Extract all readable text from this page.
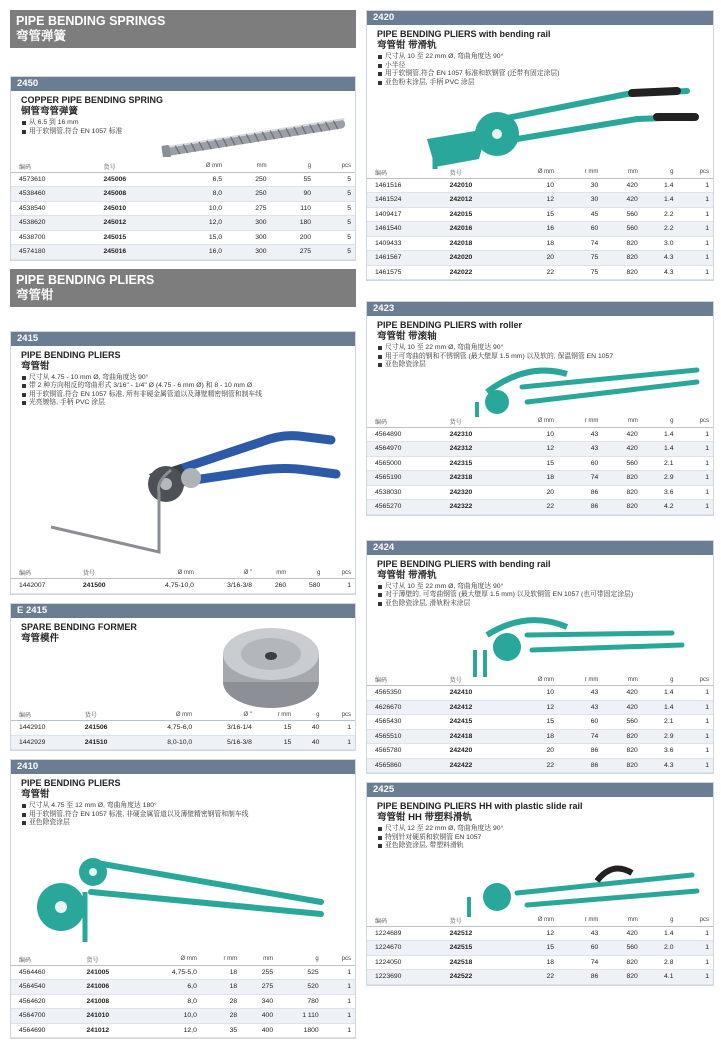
PIPE BENDING SPRINGS
弯管弹簧
2450
COPPER PIPE BENDING SPRING
铜管弯管弹簧
从 6.5 到 16 mm
用于软铜管,符合 EN 1057 标准
编码	货号	Ø mm	mm	g	pcs
4573610	245006	6,5	250	55	5
4538460	245008	8,0	250	90	5
4538540	245010	10,0	275	110	5
4538620	245012	12,0	300	180	5
4538700	245015	15,0	300	200	5
4574180	245016	16,0	300	275	5
PIPE BENDING PLIERS
弯管钳
2415
PIPE BENDING PLIERS
弯管钳
尺寸从 4.75 - 10 mm Ø, 弯曲角度达 90°
带 2 种方向相反的弯曲形式 3/16" - 1/4" Ø (4.75 - 6 mm Ø) 和 8 - 10 mm Ø
用于软铜管,符合 EN 1057 标准, 所有非硬金属管道以及薄壁精密钢管和制车线
光亮镀铬, 手柄 PVC 涂层
编码	货号	Ø mm	Ø "	mm	g	pcs
1442007	241500	4,75-10,0	3/16-3/8	260	580	1
E 2415
SPARE BENDING FORMER
弯管模件
编码	货号	Ø mm	Ø "	r mm	g	pcs
1442910	241506	4,75-6,0	3/16-1/4	15	40	1
1442929	241510	8,0-10,0	5/16-3/8	15	40	1
2410
PIPE BENDING PLIERS
弯管钳
尺寸从 4.75 至 12 mm Ø, 弯曲角度达 180°
用于软铜管,符合 EN 1057 标准, 非硬金属管道以及薄壁精密钢管和制车线
亚色除瓷涂层
编码	货号	Ø mm	r mm	mm	g	pcs
4564460	241005	4,75-5,0	18	255	525	1
4564540	241006	6,0	18	275	520	1
4564620	241008	8,0	28	340	780	1
4564700	241010	10,0	28	400	1 110	1
4564690	241012	12,0	35	400	1800	1
2420
PIPE BENDING PLIERS with bending rail
弯管钳 带滑轨
尺寸从 10 至 22 mm Ø, 弯曲角度达 90°
小半径
用于软铜管,符合 EN 1057 标准和软钢管 (还带有固定涂层)
亚色粉末涂层, 手柄 PVC 涂层
编码	货号	Ø mm	r mm	mm	g	pcs
1461516	242010	10	30	420	1.4	1
1461524	242012	12	30	420	1.4	1
1409417	242015	15	45	560	2.2	1
1461540	242016	16	60	560	2.2	1
1409433	242018	18	74	820	3.0	1
1461567	242020	20	75	820	4.3	1
1461575	242022	22	75	820	4.3	1
2423
PIPE BENDING PLIERS with roller
弯管钳 带滚轴
尺寸从 10 至 22 mm Ø, 弯曲角度达 90°
用于可弯曲的钢和不锈钢管 (最大壁厚 1.5 mm) 以及软的, 保温钢管 EN 1057
亚色除瓷涂层
编码	货号	Ø mm	r mm	mm	g	pcs
4564890	242310	10	43	420	1.4	1
4564970	242312	12	43	420	1.4	1
4565000	242315	15	60	560	2.1	1
4565190	242318	18	74	820	2.9	1
4538030	242320	20	86	820	3.6	1
4565270	242322	22	86	820	4.2	1
2424
PIPE BENDING PLIERS with bending rail
弯管钳 带滑轨
尺寸从 10 至 22 mm Ø, 弯曲角度达 90°
对于薄壁的, 可弯曲钢管 (最大壁厚 1.5 mm) 以及软铜管 EN 1057 (也可带固定涂层)
亚色除瓷涂层, 滑轨粉末涂层
编码	货号	Ø mm	r mm	mm	g	pcs
4565350	242410	10	43	420	1.4	1
4626670	242412	12	43	420	1.4	1
4565430	242415	15	60	560	2.1	1
4565510	242418	18	74	820	2.9	1
4565780	242420	20	86	820	3.6	1
4565860	242422	22	86	820	4.3	1
2425
PIPE BENDING PLIERS HH with plastic slide rail
弯管钳 HH 带塑料滑轨
尺寸从 12 至 22 mm Ø, 弯曲角度达 90°
特别针对硬质和软铜管 EN 1057
亚色除瓷涂层, 带塑料滑轨
编码	货号	Ø mm	r mm	mm	g	pcs
1224689	242512	12	43	420	1.4	1
1224670	242515	15	60	560	2.0	1
1224050	242518	18	74	820	2.8	1
1223690	242522	22	86	820	4.1	1
